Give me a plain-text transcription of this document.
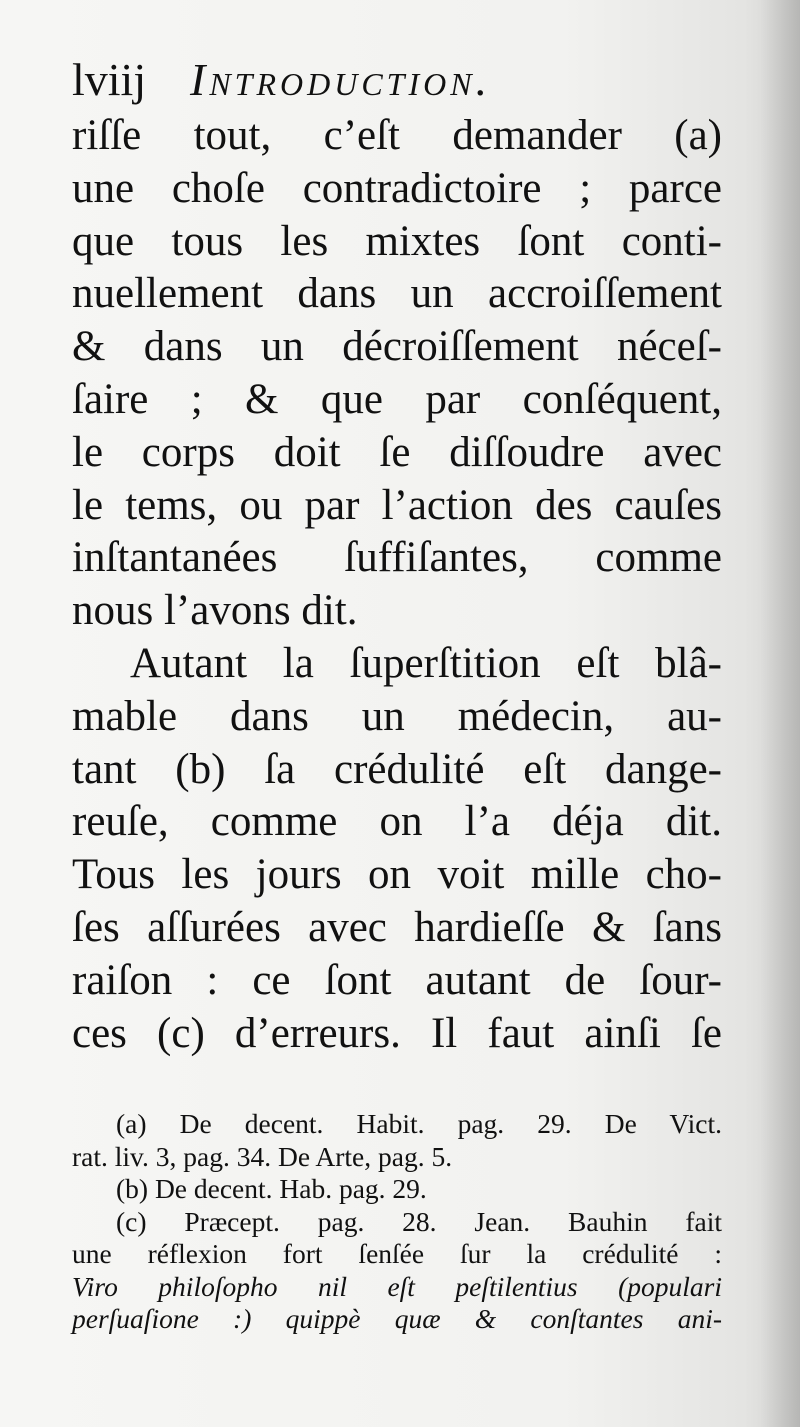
lviij Introduction.
riſſe tout, c’eſt demander (a)
une choſe contradictoire ; parce
que tous les mixtes ſont conti-
nuellement dans un accroiſſement
& dans un décroiſſement néceſ-
ſaire ; & que par conſéquent,
le corps doit ſe diſſoudre avec
le tems, ou par l’action des cauſes
inſtantanées ſuffiſantes, comme
nous l’avons dit.
Autant la ſuperſtition eſt blâ-
mable dans un médecin, au-
tant (b) ſa crédulité eſt dange-
reuſe, comme on l’a déja dit.
Tous les jours on voit mille cho-
ſes aſſurées avec hardieſſe & ſans
raiſon : ce ſont autant de ſour-
ces (c) d’erreurs. Il faut ainſi ſe
(a) De decent. Habit. pag. 29. De Vict.
rat. liv. 3, pag. 34. De Arte, pag. 5.
(b) De decent. Hab. pag. 29.
(c) Præcept. pag. 28. Jean. Bauhin fait
une réflexion fort ſenſée ſur la crédulité :
Viro philoſopho nil eſt peſtilentius (populari
perſuaſione :) quippè quæ & conſtantes ani-
